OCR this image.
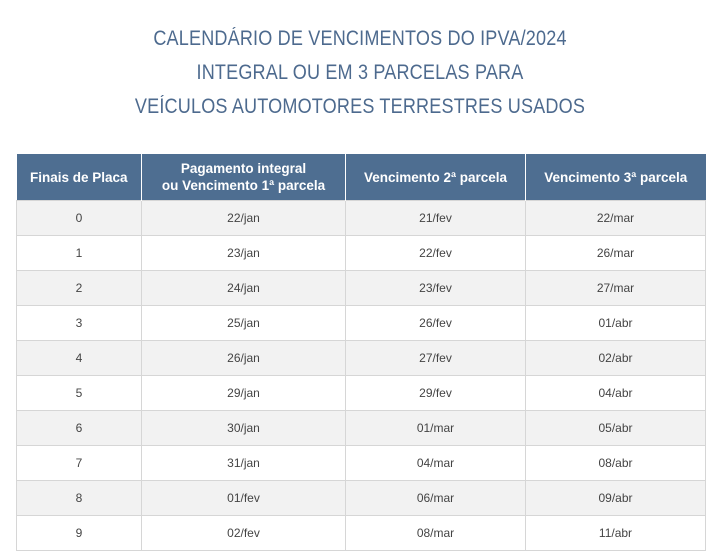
CALENDÁRIO DE VENCIMENTOS DO IPVA/2024
INTEGRAL OU EM 3 PARCELAS PARA
VEÍCULOS AUTOMOTORES TERRESTRES USADOS
Finais de Placa	Pagamento integral
ou Vencimento 1ª parcela	Vencimento 2ª parcela	Vencimento 3ª parcela
0	22/jan	21/fev	22/mar
1	23/jan	22/fev	26/mar
2	24/jan	23/fev	27/mar
3	25/jan	26/fev	01/abr
4	26/jan	27/fev	02/abr
5	29/jan	29/fev	04/abr
6	30/jan	01/mar	05/abr
7	31/jan	04/mar	08/abr
8	01/fev	06/mar	09/abr
9	02/fev	08/mar	11/abr
